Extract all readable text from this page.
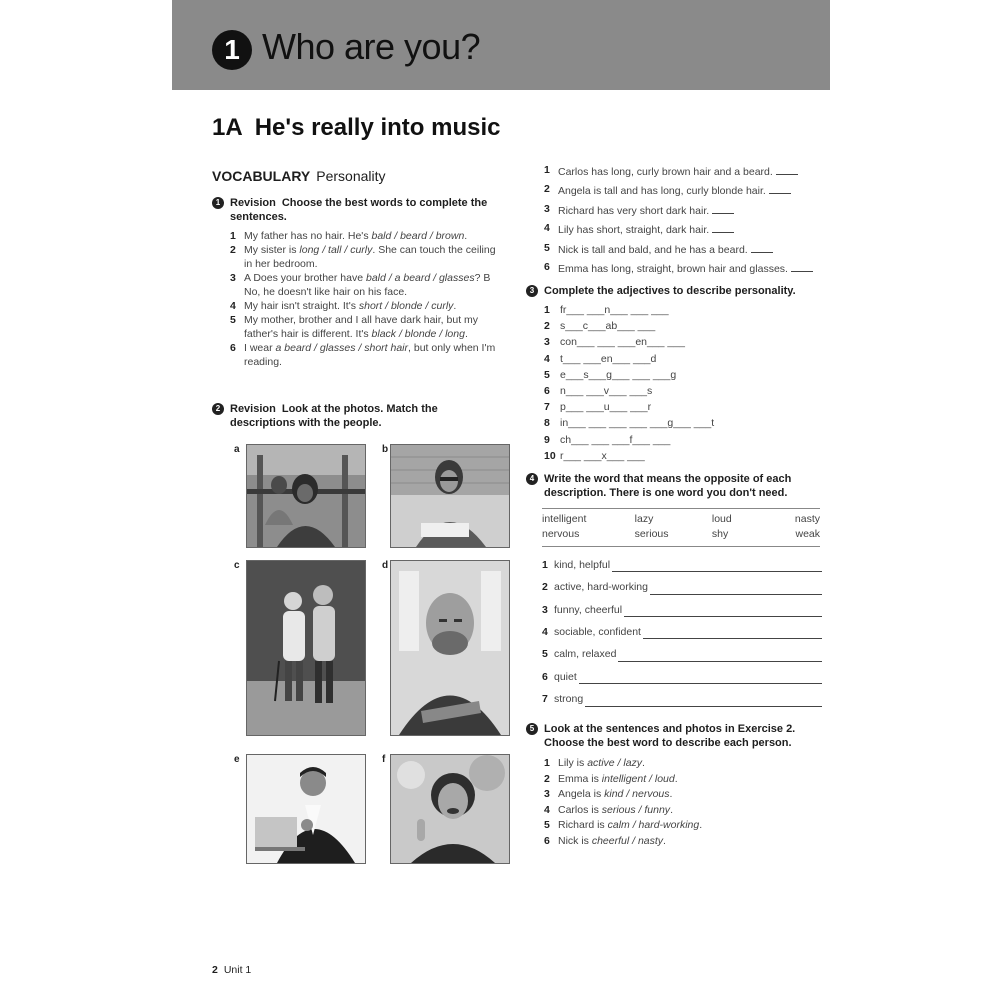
1 Who are you?
1A He's really into music
VOCABULARY Personality
1 Revision Choose the best words to complete the sentences.
1 My father has no hair. He's bald / beard / brown.
2 My sister is long / tall / curly. She can touch the ceiling in her bedroom.
3 A Does your brother have bald / a beard / glasses? B No, he doesn't like hair on his face.
4 My hair isn't straight. It's short / blonde / curly.
5 My mother, brother and I all have dark hair, but my father's hair is different. It's black / blonde / long.
6 I wear a beard / glasses / short hair, but only when I'm reading.
2 Revision Look at the photos. Match the descriptions with the people.
a	b
c	d
e	f
1 Carlos has long, curly brown hair and a beard.
2 Angela is tall and has long, curly blonde hair.
3 Richard has very short dark hair.
4 Lily has short, straight, dark hair.
5 Nick is tall and bald, and he has a beard.
6 Emma has long, straight, brown hair and glasses.
3 Complete the adjectives to describe personality.
1 fr___ ___n___ ___ ___
2 s___c___ab___ ___
3 con___ ___ ___en___ ___
4 t___ ___en___ ___d
5 e___s___g___ ___ ___g
6 n___ ___v___ ___s
7 p___ ___u___ ___r
8 in___ ___ ___ ___ ___g___ ___t
9 ch___ ___ ___f___ ___
10 r___ ___x___ ___
4 Write the word that means the opposite of each description. There is one word you don't need.
intelligent	lazy	loud	nasty
nervous	serious	shy	weak
1 kind, helpful
2 active, hard-working
3 funny, cheerful
4 sociable, confident
5 calm, relaxed
6 quiet
7 strong
5 Look at the sentences and photos in Exercise 2. Choose the best word to describe each person.
1 Lily is active / lazy.
2 Emma is intelligent / loud.
3 Angela is kind / nervous.
4 Carlos is serious / funny.
5 Richard is calm / hard-working.
6 Nick is cheerful / nasty.
2 Unit 1
